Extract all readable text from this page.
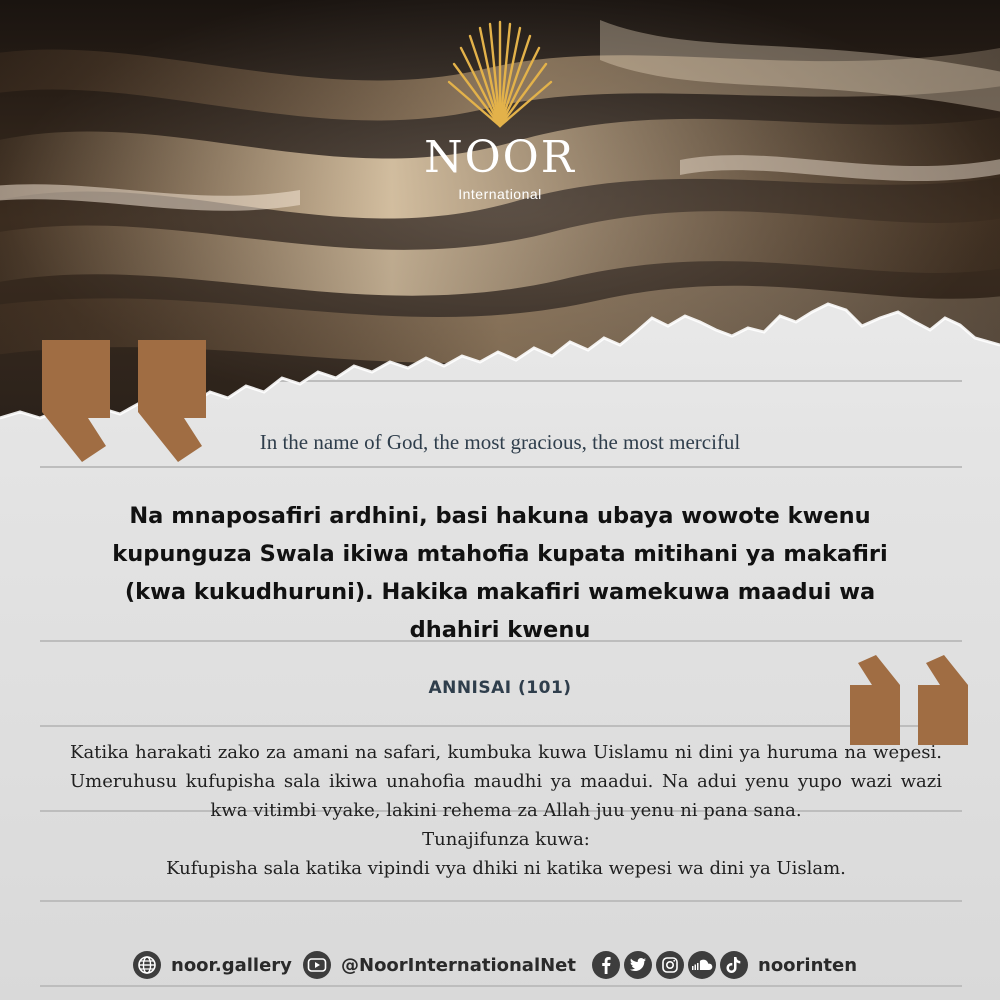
NOOR
International
In the name of God, the most gracious, the most merciful
Na mnaposafiri ardhini, basi hakuna ubaya wowote kwenu kupunguza Swala ikiwa mtahofia kupata mitihani ya makafiri (kwa kukudhuruni). Hakika makafiri wamekuwa maadui wa dhahiri kwenu
ANNISAI (101)

Katika harakati zako za amani na safari, kumbuka kuwa Uislamu ni dini ya huruma na wepesi. Umeruhusu kufupisha sala ikiwa unahofia maudhi ya maadui. Na adui yenu yupo wazi wazi kwa vitimbi vyake, lakini rehema za Allah juu yenu ni pana sana.

Tunajifunza kuwa:

Kufupisha sala katika vipindi vya dhiki ni katika wepesi wa dini ya Uislam.

noor.gallery	@NoorInternationalNet	noorinten
